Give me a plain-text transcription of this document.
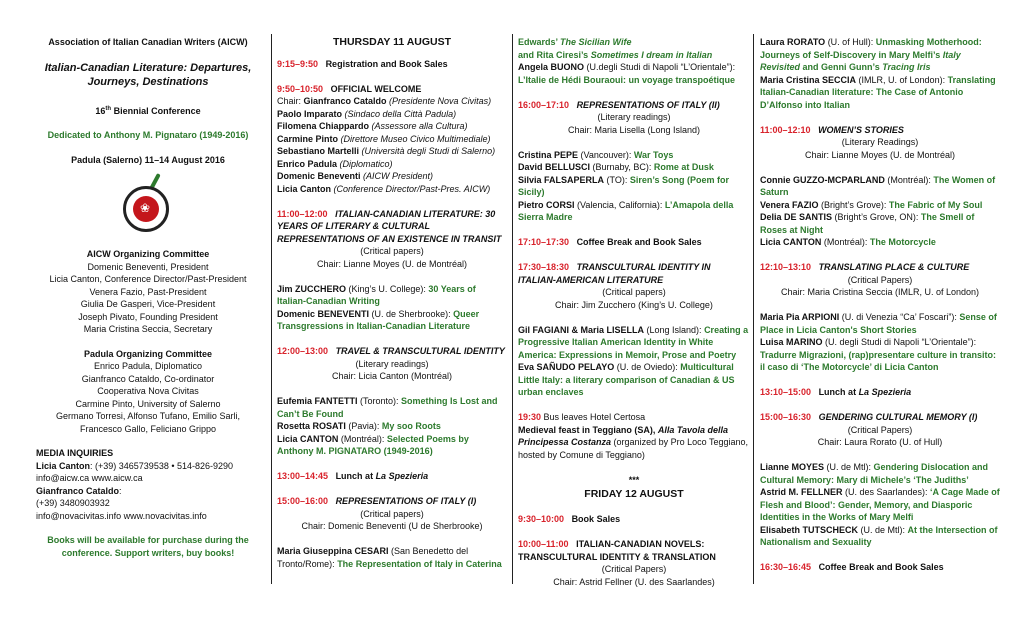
Association of Italian Canadian Writers (AICW)
Italian-Canadian Literature: Departures, Journeys, Destinations
16th Biennial Conference
Dedicated to Anthony M. Pignataro (1949-2016)
Padula (Salerno) 11–14 August 2016
❀
AICW Organizing Committee
Domenic Beneventi, President
Licia Canton, Conference Director/Past-President
Venera Fazio, Past-President
Giulia De Gasperi, Vice-President
Joseph Pivato, Founding President
Maria Cristina Seccia, Secretary
Padula Organizing Committee
Enrico Padula, Diplomatico
Gianfranco Cataldo, Co-ordinator
Cooperativa Nova Civitas
Carmine Pinto, University of Salerno
Germano Torresi, Alfonso Tufano, Emilio Sarli,
Francesco Gallo, Feliciano Grippo
MEDIA INQUIRIES
Licia Canton: (+39) 3465739538 • 514-826-9290
info@aicw.ca www.aicw.ca
Gianfranco Cataldo:
(+39) 3480903932
info@novacivitas.info www.novacivitas.info
Books will be available for purchase during the conference. Support writers, buy books!
THURSDAY 11 AUGUST
9:15–9:50 Registration and Book Sales
9:50–10:50 OFFICIAL WELCOME
Chair: Gianfranco Cataldo (Presidente Nova Civitas)
Paolo Imparato (Sindaco della Città Padula)
Filomena Chiappardo (Assessore alla Cultura)
Carmine Pinto (Direttore Museo Civico Multimediale)
Sebastiano Martelli (Università degli Studi di Salerno)
Enrico Padula (Diplomatico)
Domenic Beneventi (AICW President)
Licia Canton (Conference Director/Past-Pres. AICW)
11:00–12:00 ITALIAN-CANADIAN LITERATURE: 30 YEARS OF LITERARY & CULTURAL REPRESENTATIONS OF AN EXISTENCE IN TRANSIT
(Critical papers)
Chair: Lianne Moyes (U. de Montréal)
Jim ZUCCHERO (King’s U. College): 30 Years of Italian-Canadian Writing
Domenic BENEVENTI (U. de Sherbrooke): Queer Transgressions in Italian-Canadian Literature
12:00–13:00 TRAVEL & TRANSCULTURAL IDENTITY
(Literary readings)
Chair: Licia Canton (Montréal)
Eufemia FANTETTI (Toronto): Something Is Lost and Can’t Be Found
Rosetta ROSATI (Pavia): My soo Roots
Licia CANTON (Montréal): Selected Poems by Anthony M. PIGNATARO (1949-2016)
13:00–14:45 Lunch at La Spezieria
15:00–16:00 REPRESENTATIONS OF ITALY (I)
(Critical papers)
Chair: Domenic Beneventi (U de Sherbrooke)
Maria Giuseppina CESARI (San Benedetto del Tronto/Rome): The Representation of Italy in Caterina
Edwards’ The Sicilian Wife
and Rita Ciresi’s Sometimes I dream in Italian
Angela BUONO (U.degli Studi di Napoli “L’Orientale”): L’Italie de Hédi Bouraoui: un voyage transpoétique
16:00–17:10 REPRESENTATIONS OF ITALY (II)
(Literary readings)
Chair: Maria Lisella (Long Island)
Cristina PEPE (Vancouver): War Toys
David BELLUSCI (Burnaby, BC): Rome at Dusk
Silvia FALSAPERLA (TO): Siren’s Song (Poem for Sicily)
Pietro CORSI (Valencia, California): L’Amapola della Sierra Madre
17:10–17:30 Coffee Break and Book Sales
17:30–18:30 TRANSCULTURAL IDENTITY IN ITALIAN-AMERICAN LITERATURE
(Critical papers)
Chair: Jim Zucchero (King’s U. College)
Gil FAGIANI & Maria LISELLA (Long Island): Creating a Progressive Italian American Identity in White America: Expressions in Memoir, Prose and Poetry
Eva SAÑUDO PELAYO (U. de Oviedo): Multicultural Little Italy: a literary comparison of Canadian & US urban enclaves
19:30 Bus leaves Hotel Certosa
Medieval feast in Teggiano (SA), Alla Tavola della Principessa Costanza (organized by Pro Loco Teggiano, hosted by Comune di Teggiano)
***
FRIDAY 12 AUGUST
9:30–10:00 Book Sales
10:00–11:00 ITALIAN-CANADIAN NOVELS: TRANSCULTURAL IDENTITY & TRANSLATION
(Critical Papers)
Chair: Astrid Fellner (U. des Saarlandes)
Laura RORATO (U. of Hull): Unmasking Motherhood: Journeys of Self-Discovery in Mary Melfi’s Italy Revisited and Genni Gunn’s Tracing Iris
Maria Cristina SECCIA (IMLR, U. of London): Translating Italian-Canadian literature: The Case of Antonio D’Alfonso into Italian
11:00–12:10 WOMEN’S STORIES
(Literary Readings)
Chair: Lianne Moyes (U. de Montréal)
Connie GUZZO-MCPARLAND (Montréal): The Women of Saturn
Venera FAZIO (Bright’s Grove): The Fabric of My Soul
Delia DE SANTIS (Bright’s Grove, ON): The Smell of Roses at Night
Licia CANTON (Montréal): The Motorcycle
12:10–13:10 TRANSLATING PLACE & CULTURE
(Critical Papers)
Chair: Maria Cristina Seccia (IMLR, U. of London)
Maria Pia ARPIONI (U. di Venezia “Ca’ Foscari”): Sense of Place in Licia Canton's Short Stories
Luisa MARINO (U. degli Studi di Napoli “L’Orientale”): Tradurre Migrazioni, (rap)presentare culture in transito: il caso di ‘The Motorcycle’ di Licia Canton
13:10–15:00 Lunch at La Spezieria
15:00–16:30 GENDERING CULTURAL MEMORY (I)
(Critical Papers)
Chair: Laura Rorato (U. of Hull)
Lianne MOYES (U. de Mtl): Gendering Dislocation and Cultural Memory: Mary di Michele’s ‘The Judiths’
Astrid M. FELLNER (U. des Saarlandes): ‘A Cage Made of Flesh and Blood’: Gender, Memory, and Diasporic Identities in the Works of Mary Melfi
Elisabeth TUTSCHECK (U. de Mtl): At the Intersection of Nationalism and Sexuality
16:30–16:45 Coffee Break and Book Sales
